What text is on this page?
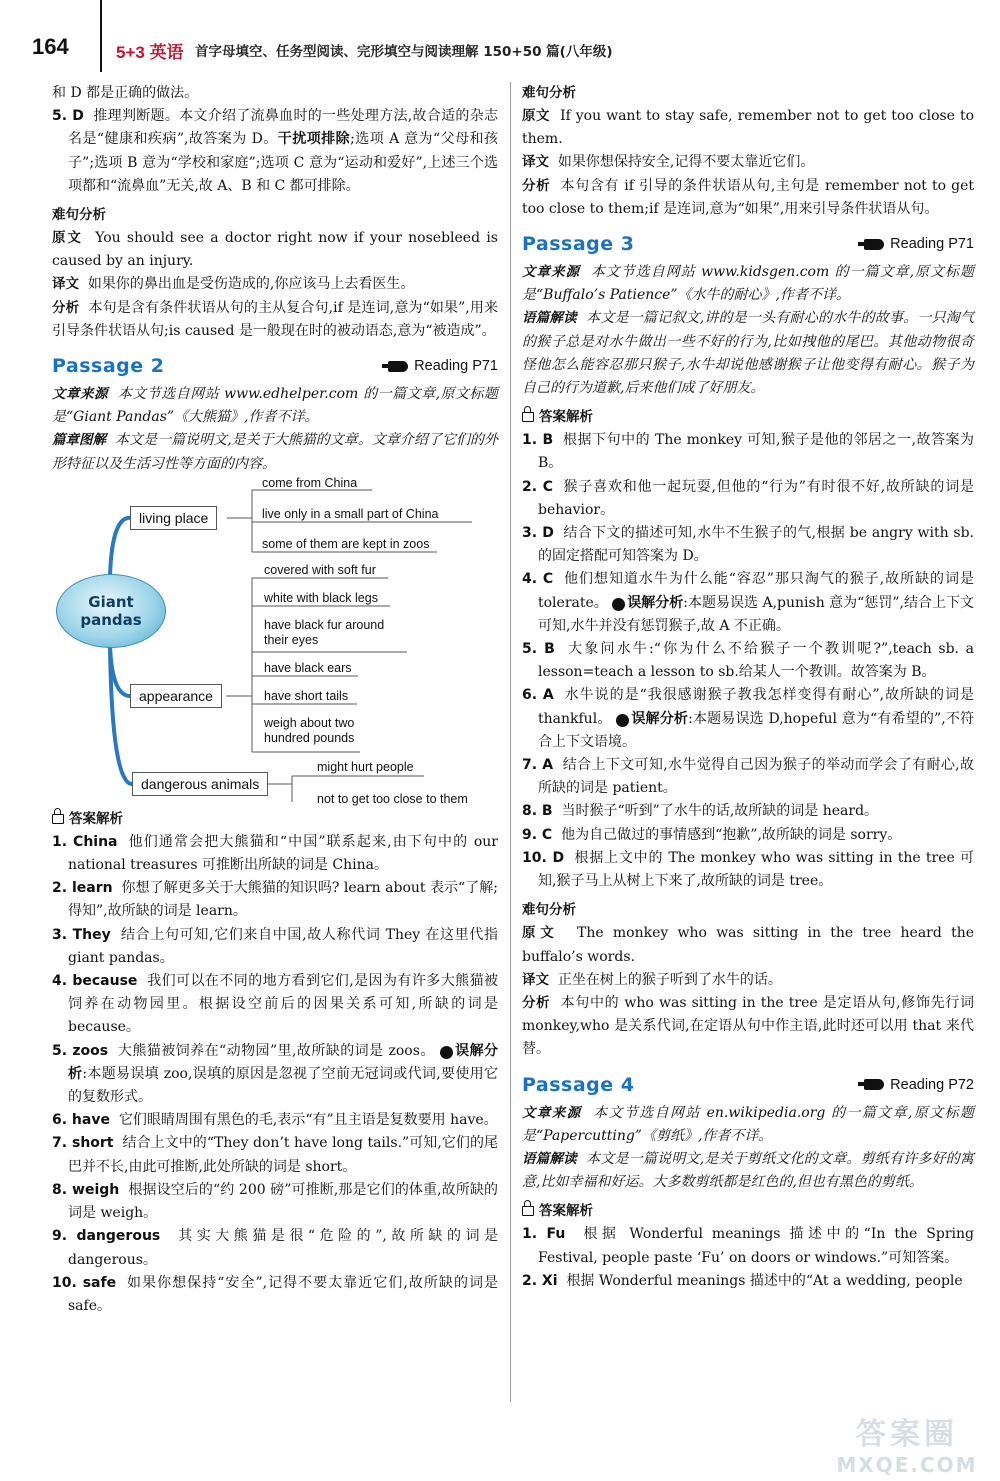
164	5+3 英语 首字母填空、任务型阅读、完形填空与阅读理解 150+50 篇(八年级)

和 D 都是正确的做法。

5. D 推理判断题。本文介绍了流鼻血时的一些处理方法,故合适的杂志名是“健康和疾病”,故答案为 D。干扰项排除;选项 A 意为“父母和孩子”;选项 B 意为“学校和家庭”;选项 C 意为“运动和爱好”,上述三个选项都和“流鼻血”无关,故 A、B 和 C 都可排除。

难句分析

原文 You should see a doctor right now if your nosebleed is caused by an injury.

译文 如果你的鼻出血是受伤造成的,你应该马上去看医生。

分析 本句是含有条件状语从句的主从复合句,if 是连词,意为“如果”,用来引导条件状语从句;is caused 是一般现在时的被动语态,意为“被造成”。

Passage 2	Reading P71

文章来源 本文节选自网站 www.edhelper.com 的一篇文章,原文标题是“Giant Pandas”《大熊猫》,作者不详。

篇章图解 本文是一篇说明文,是关于大熊猫的文章。文章介绍了它们的外形特征以及生活习性等方面的内容。

Giant
pandas
living place
come from China
live only in a small part of China
some of them are kept in zoos
appearance
covered with soft fur
white with black legs
have black fur around
their eyes
have black ears
have short tails
weigh about two
hundred pounds
dangerous animals
might hurt people
not to get too close to them
答案解析

1. China 他们通常会把大熊猫和“中国”联系起来,由下句中的 our national treasures 可推断出所缺的词是 China。

2. learn 你想了解更多关于大熊猫的知识吗? learn about 表示“了解;得知”,故所缺的词是 learn。

3. They 结合上句可知,它们来自中国,故人称代词 They 在这里代指 giant pandas。

4. because 我们可以在不同的地方看到它们,是因为有许多大熊猫被饲养在动物园里。根据设空前后的因果关系可知,所缺的词是 because。

5. zoos 大熊猫被饲养在“动物园”里,故所缺的词是 zoos。 ! 误解分析:本题易误填 zoo,误填的原因是忽视了空前无冠词或代词,要使用它的复数形式。

6. have 它们眼睛周围有黑色的毛,表示“有”且主语是复数要用 have。

7. short 结合上文中的“They don’t have long tails.”可知,它们的尾巴并不长,由此可推断,此处所缺的词是 short。

8. weigh 根据设空后的“约 200 磅”可推断,那是它们的体重,故所缺的词是 weigh。

9. dangerous 其实大熊猫是很“危险的”,故所缺的词是 dangerous。

10. safe 如果你想保持“安全”,记得不要太靠近它们,故所缺的词是 safe。

难句分析

原文 If you want to stay safe, remember not to get too close to them.

译文 如果你想保持安全,记得不要太靠近它们。

分析 本句含有 if 引导的条件状语从句,主句是 remember not to get too close to them;if 是连词,意为“如果”,用来引导条件状语从句。

Passage 3	Reading P71

文章来源 本文节选自网站 www.kidsgen.com 的一篇文章,原文标题是“Buffalo’s Patience”《水牛的耐心》,作者不详。

语篇解读 本文是一篇记叙文,讲的是一头有耐心的水牛的故事。一只淘气的猴子总是对水牛做出一些不好的行为,比如拽他的尾巴。其他动物很奇怪他怎么能容忍那只猴子,水牛却说他感谢猴子让他变得有耐心。猴子为自己的行为道歉,后来他们成了好朋友。

答案解析

1. B 根据下句中的 The monkey 可知,猴子是他的邻居之一,故答案为 B。

2. C 猴子喜欢和他一起玩耍,但他的“行为”有时很不好,故所缺的词是 behavior。

3. D 结合下文的描述可知,水牛不生猴子的气,根据 be angry with sb.的固定搭配可知答案为 D。

4. C 他们想知道水牛为什么能“容忍”那只淘气的猴子,故所缺的词是 tolerate。 ! 误解分析:本题易误选 A,punish 意为“惩罚”,结合上下文可知,水牛并没有惩罚猴子,故 A 不正确。

5. B 大象问水牛:“你为什么不给猴子一个教训呢?”,teach sb. a lesson=teach a lesson to sb.给某人一个教训。故答案为 B。

6. A 水牛说的是“我很感谢猴子教我怎样变得有耐心”,故所缺的词是 thankful。 ! 误解分析:本题易误选 D,hopeful 意为“有希望的”,不符合上下文语境。

7. A 结合上下文可知,水牛觉得自己因为猴子的举动而学会了有耐心,故所缺的词是 patient。

8. B 当时猴子“听到”了水牛的话,故所缺的词是 heard。

9. C 他为自己做过的事情感到“抱歉”,故所缺的词是 sorry。

10. D 根据上文中的 The monkey who was sitting in the tree 可知,猴子马上从树上下来了,故所缺的词是 tree。

难句分析

原文 The monkey who was sitting in the tree heard the buffalo’s words.

译文 正坐在树上的猴子听到了水牛的话。

分析 本句中的 who was sitting in the tree 是定语从句,修饰先行词 monkey,who 是关系代词,在定语从句中作主语,此时还可以用 that 来代替。

Passage 4	Reading P72

文章来源 本文节选自网站 en.wikipedia.org 的一篇文章,原文标题是“Papercutting”《剪纸》,作者不详。

语篇解读 本文是一篇说明文,是关于剪纸文化的文章。剪纸有许多好的寓意,比如幸福和好运。大多数剪纸都是红色的,但也有黑色的剪纸。

答案解析

1. Fu 根据 Wonderful meanings 描述中的“In the Spring Festival, people paste ‘Fu’ on doors or windows.”可知答案。

2. Xi 根据 Wonderful meanings 描述中的“At a wedding, people

答案圈
MXQE.COM
